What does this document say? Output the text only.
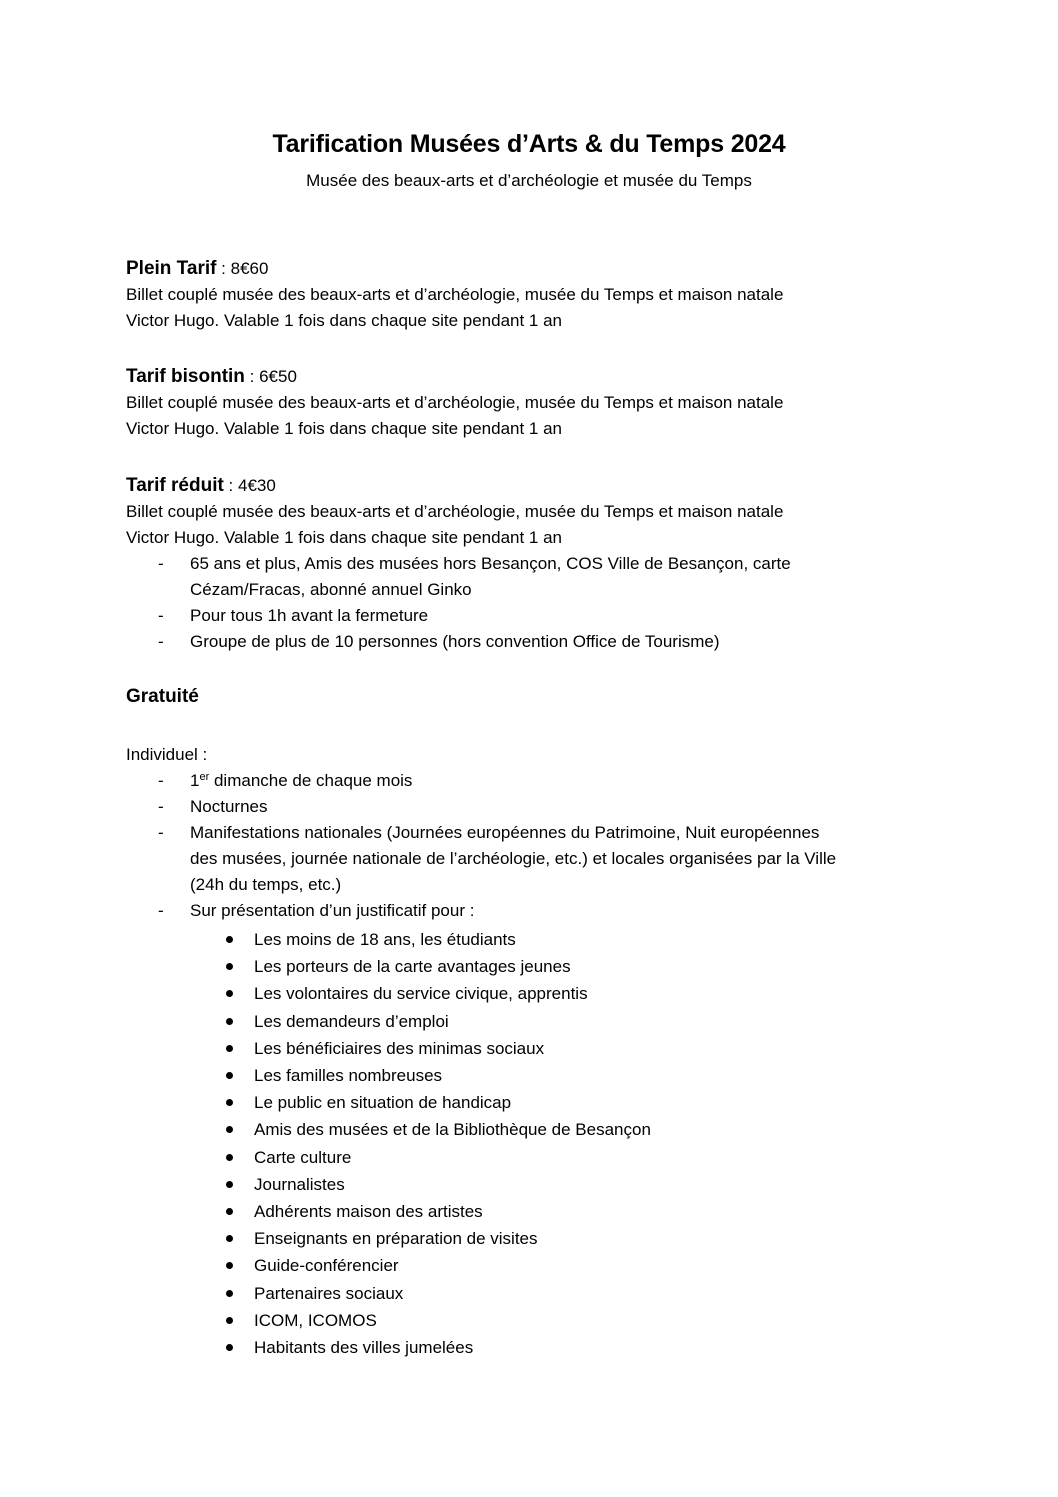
Tarification Musées d’Arts & du Temps 2024

Musée des beaux-arts et d’archéologie et musée du Temps

Plein Tarif : 8€60

Billet couplé musée des beaux-arts et d’archéologie, musée du Temps et maison natale

Victor Hugo. Valable 1 fois dans chaque site pendant 1 an

Tarif bisontin : 6€50

Billet couplé musée des beaux-arts et d’archéologie, musée du Temps et maison natale

Victor Hugo. Valable 1 fois dans chaque site pendant 1 an

Tarif réduit : 4€30

Billet couplé musée des beaux-arts et d’archéologie, musée du Temps et maison natale

Victor Hugo. Valable 1 fois dans chaque site pendant 1 an

- 65 ans et plus, Amis des musées hors Besançon, COS Ville de Besançon, carte
Cézam/Fracas, abonné annuel Ginko
- Pour tous 1h avant la fermeture
- Groupe de plus de 10 personnes (hors convention Office de Tourisme)

Gratuité

Individuel :

- 1er dimanche de chaque mois
- Nocturnes
- Manifestations nationales (Journées européennes du Patrimoine, Nuit européennes
des musées, journée nationale de l’archéologie, etc.) et locales organisées par la Ville
(24h du temps, etc.)
- Sur présentation d’un justificatif pour :
Les moins de 18 ans, les étudiants
Les porteurs de la carte avantages jeunes
Les volontaires du service civique, apprentis
Les demandeurs d’emploi
Les bénéficiaires des minimas sociaux
Les familles nombreuses
Le public en situation de handicap
Amis des musées et de la Bibliothèque de Besançon
Carte culture
Journalistes
Adhérents maison des artistes
Enseignants en préparation de visites
Guide-conférencier
Partenaires sociaux
ICOM, ICOMOS
Habitants des villes jumelées
